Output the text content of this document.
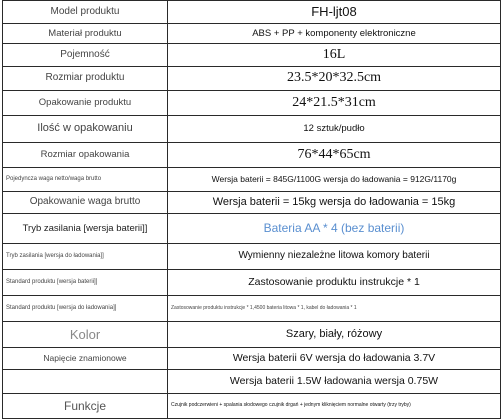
Model produktu	FH-ljt08
Materiał produktu	ABS + PP + komponenty elektroniczne
Pojemność	16L
Rozmiar produktu	23.5*20*32.5cm
Opakowanie produktu	24*21.5*31cm
Ilość w opakowaniu	12 sztuk/pudło
Rozmiar opakowania	76*44*65cm
Pojedyncza waga netto/waga brutto	Wersja baterii = 845G/1100G wersja do ładowania = 912G/1170g
Opakowanie waga brutto	Wersja baterii = 15kg wersja do ładowania = 15kg
Tryb zasilania [wersja baterii]]	Bateria AA * 4 (bez baterii)
Tryb zasilania [wersja do ładowania]]	Wymienny niezależne litowa komory baterii
Standard produktu [wersja baterii]]	Zastosowanie produktu instrukcje * 1
Standard produktu [wersja do ładowania]]	Zastosowanie produktu instrukcje * 1,4500 bateria litowa * 1, kabel do ładowania * 1
Kolor	Szary, biały, różowy
Napięcie znamionowe	Wersja baterii 6V wersja do ładowania 3.7V
	Wersja baterii 1.5W ładowania wersja 0.75W
Funkcje	Czujnik podczerwieni + spalania słodowego czujnik drgań + jednym kliknięciem normalne otwarty (trzy tryby)
